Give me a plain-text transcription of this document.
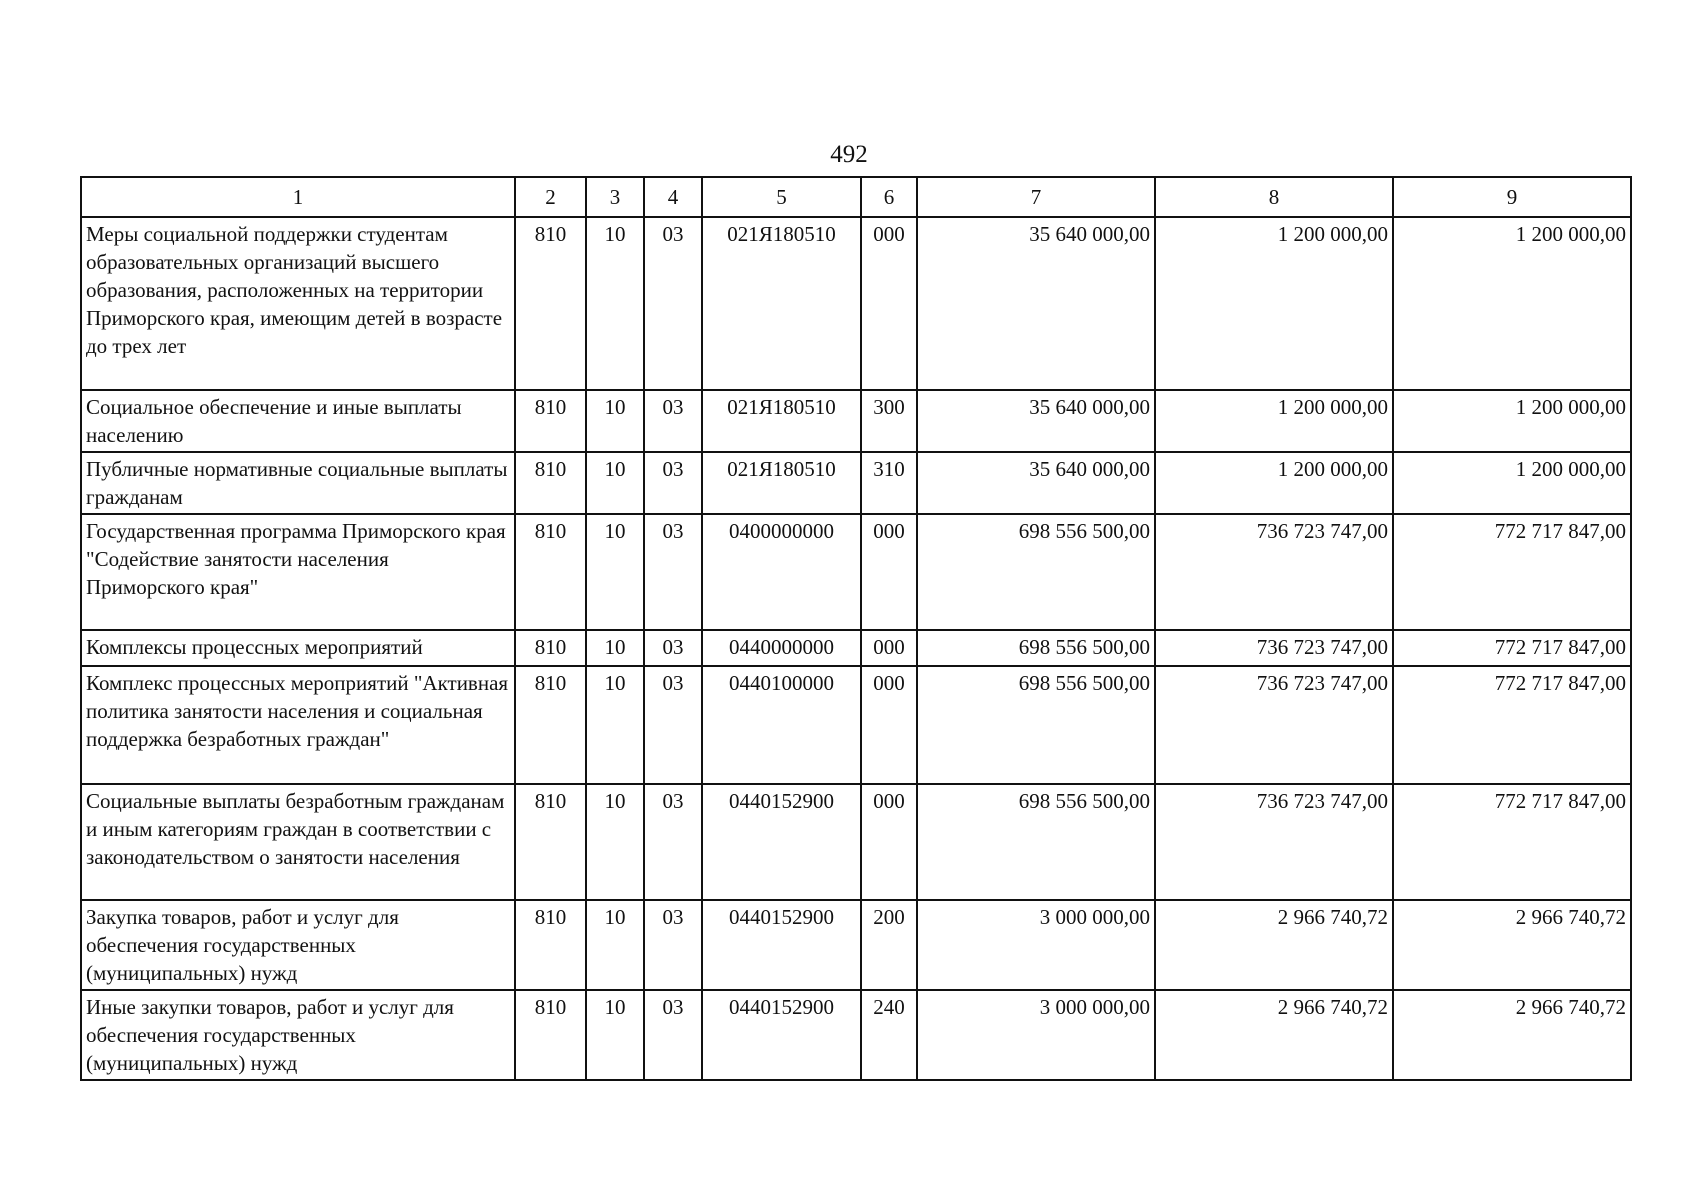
492
1	2	3	4	5	6	7	8	9
Меры социальной поддержки студентам образовательных организаций высшего образования, расположенных на территории Приморского края, имеющим детей в возрасте до трех лет	810	10	03	021Я180510	000	35 640 000,00	1 200 000,00	1 200 000,00
Социальное обеспечение и иные выплаты населению	810	10	03	021Я180510	300	35 640 000,00	1 200 000,00	1 200 000,00
Публичные нормативные социальные выплаты гражданам	810	10	03	021Я180510	310	35 640 000,00	1 200 000,00	1 200 000,00
Государственная программа Приморского края "Содействие занятости населения Приморского края"	810	10	03	0400000000	000	698 556 500,00	736 723 747,00	772 717 847,00
Комплексы процессных мероприятий	810	10	03	0440000000	000	698 556 500,00	736 723 747,00	772 717 847,00
Комплекс процессных мероприятий "Активная политика занятости населения и социальная поддержка безработных граждан"	810	10	03	0440100000	000	698 556 500,00	736 723 747,00	772 717 847,00
Социальные выплаты безработным гражданам и иным категориям граждан в соответствии с законодательством о занятости населения	810	10	03	0440152900	000	698 556 500,00	736 723 747,00	772 717 847,00
Закупка товаров, работ и услуг для обеспечения государственных (муниципальных) нужд	810	10	03	0440152900	200	3 000 000,00	2 966 740,72	2 966 740,72
Иные закупки товаров, работ и услуг для обеспечения государственных (муниципальных) нужд	810	10	03	0440152900	240	3 000 000,00	2 966 740,72	2 966 740,72
